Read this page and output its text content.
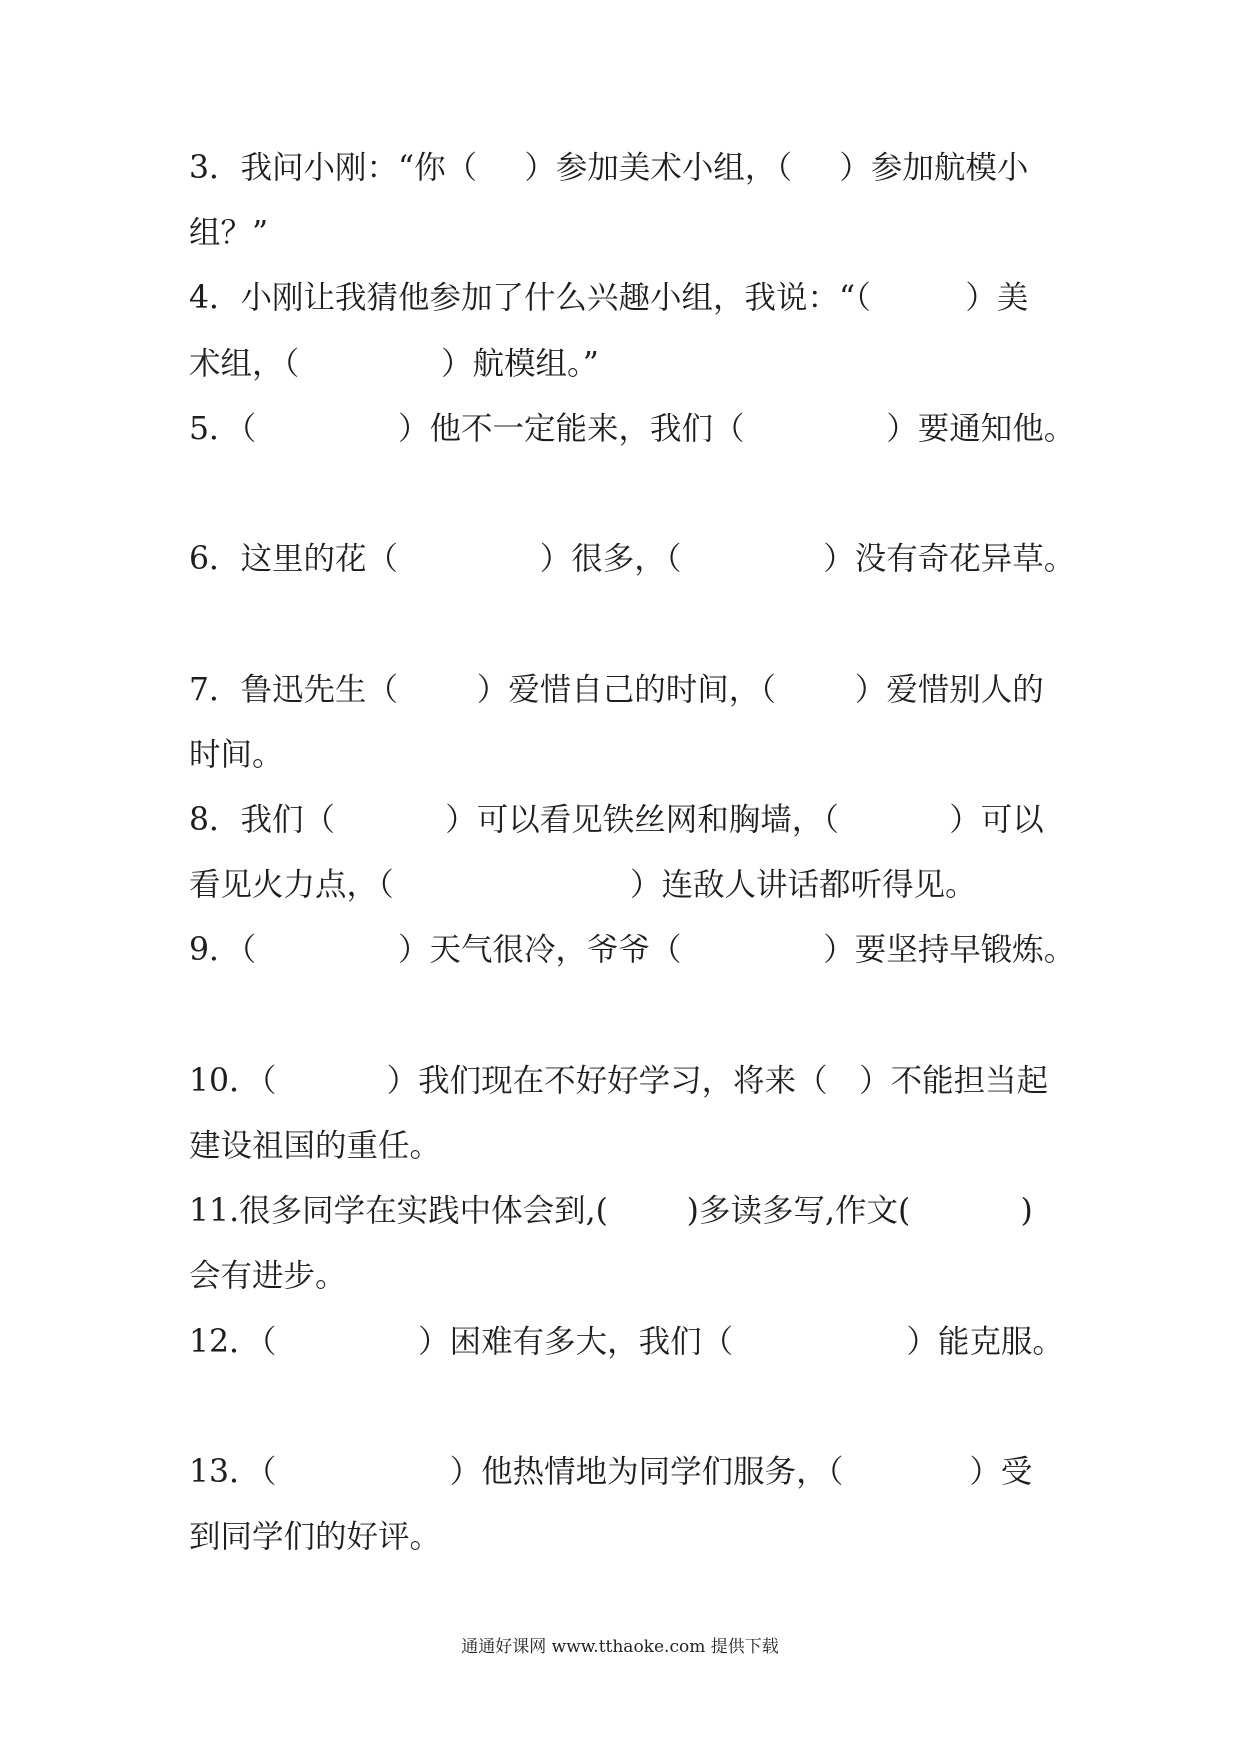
3．我问小刚：“你（   ）参加美术小组，（   ）参加航模小
组？”
4．小刚让我猜他参加了什么兴趣小组，我说：“（      ）美
术组，（         ）航模组。”
5．（         ）他不一定能来，我们（         ）要通知他。
6．这里的花（         ）很多，（         ）没有奇花异草。
7．鲁迅先生（     ）爱惜自己的时间，（     ）爱惜别人的
时间。
8．我们（       ）可以看见铁丝网和胸墙，（       ）可以
看见火力点，（               ）连敌人讲话都听得见。
9．（         ）天气很冷，爷爷（         ）要坚持早锻炼。
10．（       ）我们现在不好好学习，将来（  ）不能担当起
建设祖国的重任。
11.很多同学在实践中体会到,(     )多读多写,作文(       )
会有进步。
12．（         ）困难有多大，我们（           ）能克服。
13．（           ）他热情地为同学们服务，（        ）受
到同学们的好评。
通通好课网 www.tthaoke.com 提供下载
